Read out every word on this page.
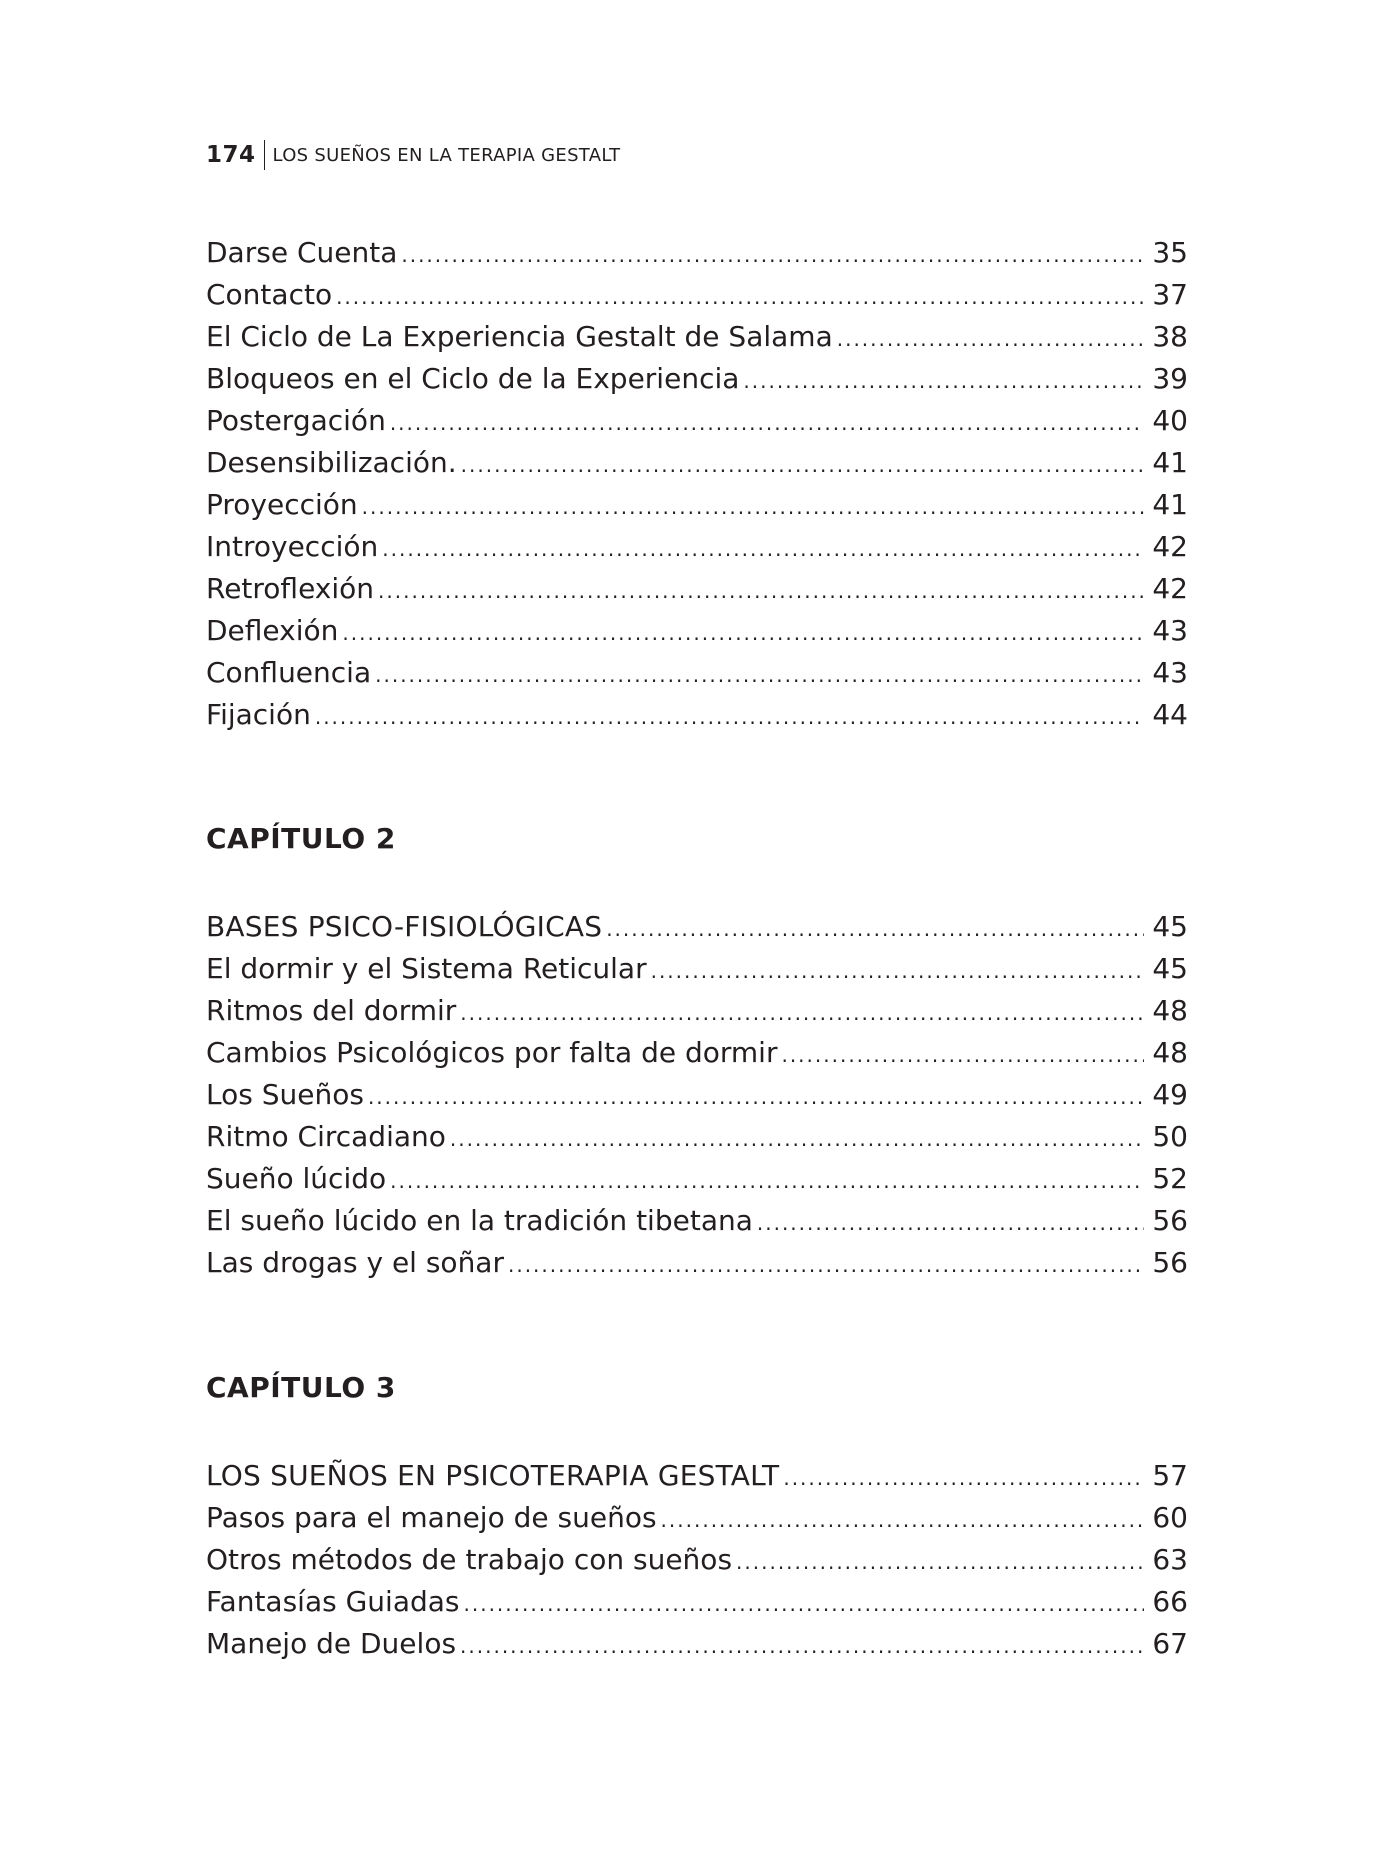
174 LOS SUEÑOS EN LA TERAPIA GESTALT
Darse Cuenta .....	35
Contacto .....	37
El Ciclo de La Experiencia Gestalt de Salama .....	38
Bloqueos en el Ciclo de la Experiencia .....	39
Postergación .....	40
Desensibilización. .....	41
Proyección .....	41
Introyección .....	42
Retroflexión .....	42
Deflexión .....	43
Confluencia .....	43
Fijación .....	44
CAPÍTULO 2
BASES PSICO-FISIOLÓGICAS .....	45
El dormir y el Sistema Reticular .....	45
Ritmos del dormir .....	48
Cambios Psicológicos por falta de dormir .....	48
Los Sueños .....	49
Ritmo Circadiano .....	50
Sueño lúcido .....	52
El sueño lúcido en la tradición tibetana .....	56
Las drogas y el soñar .....	56
CAPÍTULO 3
LOS SUEÑOS EN PSICOTERAPIA GESTALT .....	57
Pasos para el manejo de sueños .....	60
Otros métodos de trabajo con sueños .....	63
Fantasías Guiadas .....	66
Manejo de Duelos .....	67
